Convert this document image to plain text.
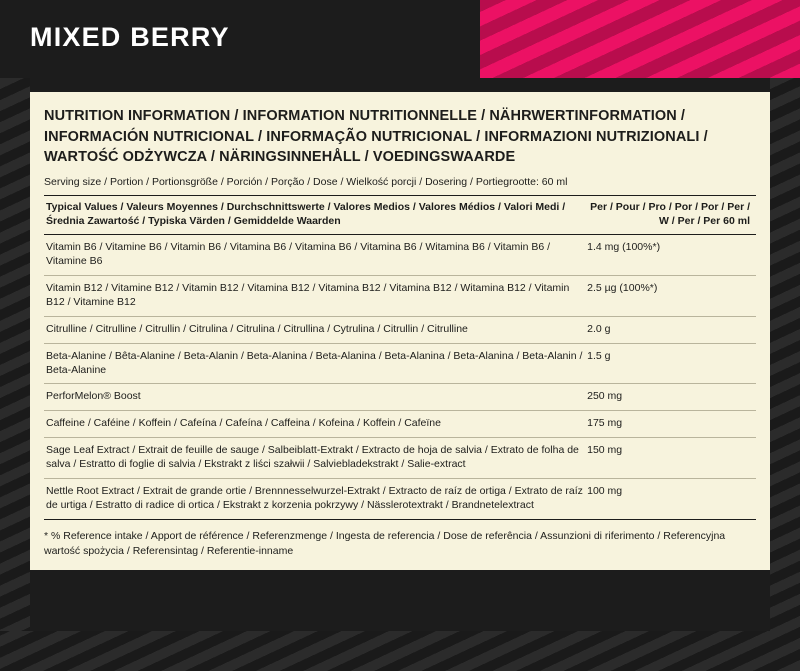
MIXED BERRY
NUTRITION INFORMATION / INFORMATION NUTRITIONNELLE / NÄHRWERTINFORMATION / INFORMACIÓN NUTRICIONAL / INFORMAÇÃO NUTRICIONAL / INFORMAZIONI NUTRIZIONALI / WARTOŚĆ ODŻYWCZA / NÄRINGSINNEHÅLL / VOEDINGSWAARDE
Serving size / Portion / Portionsgröße / Porción / Porção / Dose / Wielkość porcji / Dosering / Portiegrootte: 60 ml
Typical Values / Valeurs Moyennes / Durchschnittswerte / Valores Medios / Valores Médios / Valori Medi / Średnia Zawartość / Typiska Värden / Gemiddelde Waarden	Per / Pour / Pro / Por / Por / Per / W / Per / Per 60 ml
Vitamin B6 / Vitamine B6 / Vitamin B6 / Vitamina B6 / Vitamina B6 / Vitamina B6 / Witamina B6 / Vitamin B6 / Vitamine B6	1.4 mg (100%*)
Vitamin B12 / Vitamine B12 / Vitamin B12 / Vitamina B12 / Vitamina B12 / Vitamina B12 / Witamina B12 / Vitamin B12 / Vitamine B12	2.5 µg (100%*)
Citrulline / Citrulline / Citrullin / Citrulina / Citrulina / Citrullina / Cytrulina / Citrullin / Citrulline	2.0 g
Beta-Alanine / Bêta-Alanine / Beta-Alanin / Beta-Alanina / Beta-Alanina / Beta-Alanina / Beta-Alanina / Beta-Alanin / Beta-Alanine	1.5 g
PerforMelon® Boost	250 mg
Caffeine / Caféine / Koffein / Cafeína / Cafeína / Caffeina / Kofeina / Koffein / Cafeïne	175 mg
Sage Leaf Extract / Extrait de feuille de sauge / Salbeiblatt-Extrakt / Extracto de hoja de salvia / Extrato de folha de salva / Estratto di foglie di salvia / Ekstrakt z liści szałwii / Salviebladekstrakt / Salie-extract	150 mg
Nettle Root Extract / Extrait de grande ortie / Brennnesselwurzel-Extrakt / Extracto de raíz de ortiga / Extrato de raíz de urtiga / Estratto di radice di ortica / Ekstrakt z korzenia pokrzywy / Nässlerotextrakt / Brandnetelextract	100 mg
* % Reference intake / Apport de référence / Referenzmenge / Ingesta de referencia / Dose de referência / Assunzioni di riferimento / Referencyjna wartość spożycia / Referensintag / Referentie-inname
